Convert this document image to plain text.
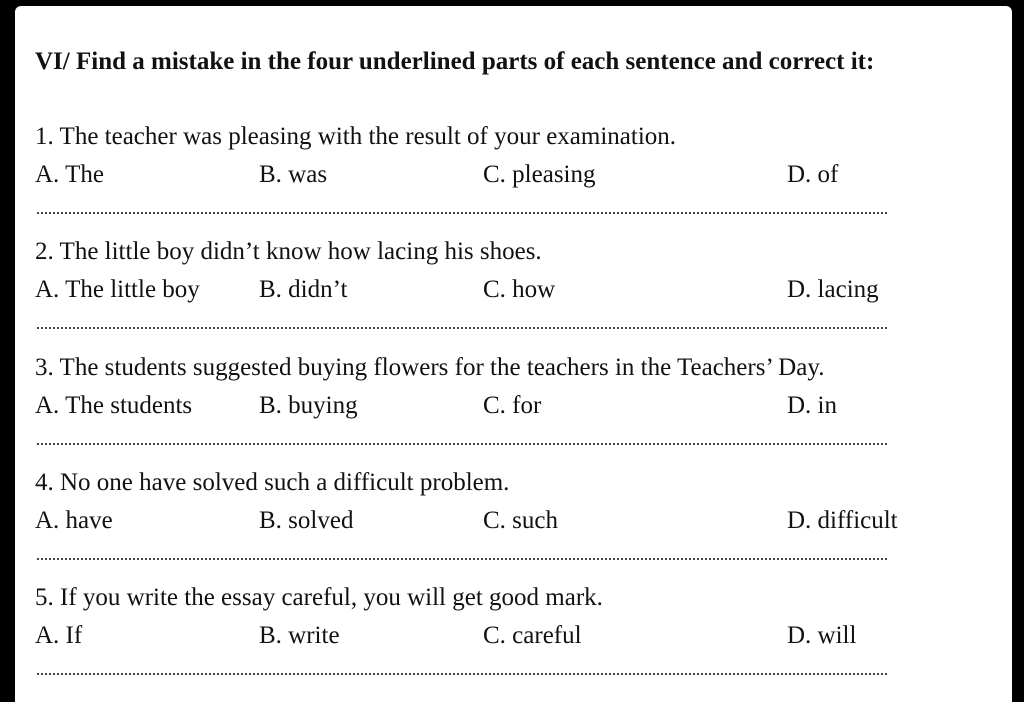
VI/ Find a mistake in the four underlined parts of each sentence and correct it:
1. The teacher was pleasing with the result of your examination.
A. The	B. was	C. pleasing	D. of
2. The little boy didn’t know how lacing his shoes.
A. The little boy B. didn’t	C. how	D. lacing
3. The students suggested buying flowers for the teachers in the Teachers’ Day.
A. The students	B. buying	C. for	D. in
4. No one have solved such a difficult problem.
A. have	B. solved	C. such	D. difficult
5. If you write the essay careful, you will get good mark.
A. If	B. write	C. careful	D. will
